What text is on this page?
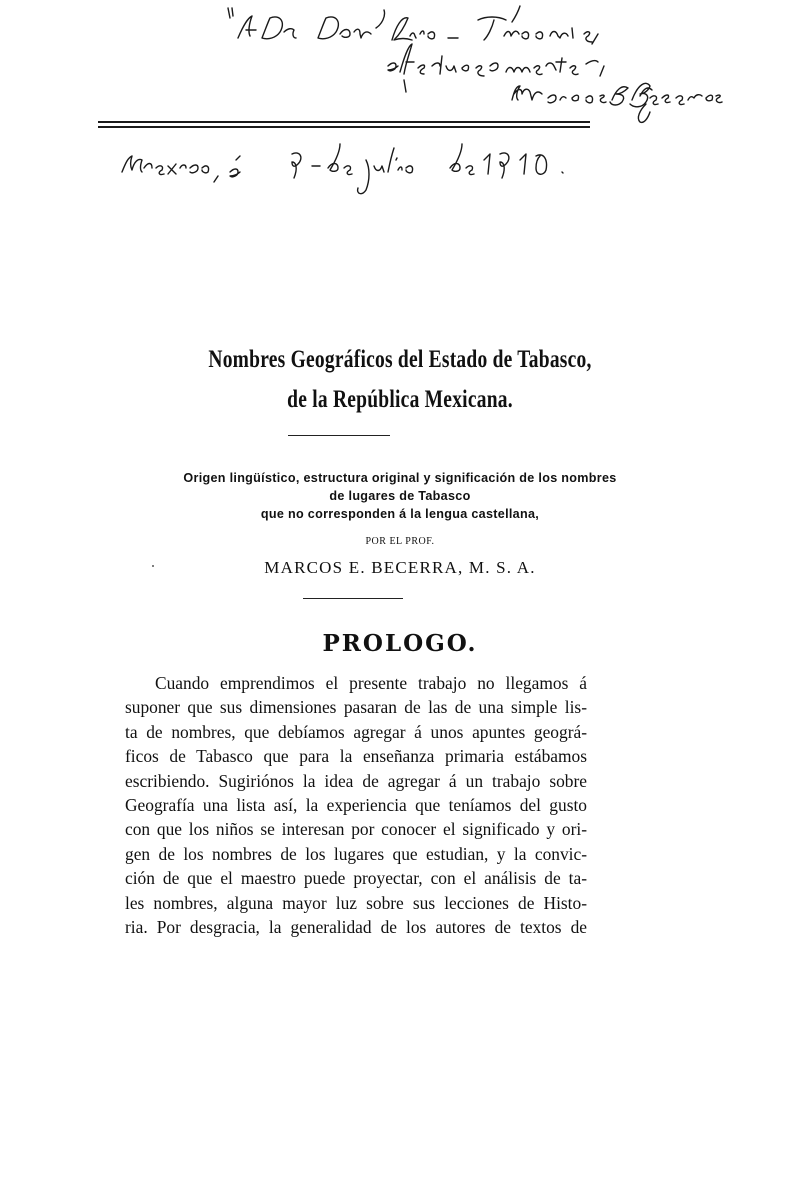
Nombres Geográficos del Estado de Tabasco,
de la República Mexicana.
Origen lingüístico, estructura original y significación de los nombres
de lugares de Tabasco
que no corresponden á la lengua castellana,
POR EL PROF.
MARCOS E. BECERRA, M. S. A.
PROLOGO.
Cuando emprendimos el presente trabajo no llegamos á
suponer que sus dimensiones pasaran de las de una simple lis-
ta de nombres, que debíamos agregar á unos apuntes geográ-
ficos de Tabasco que para la enseñanza primaria estábamos
escribiendo. Sugiriónos la idea de agregar á un trabajo sobre
Geografía una lista así, la experiencia que teníamos del gusto
con que los niños se interesan por conocer el significado y ori-
gen de los nombres de los lugares que estudian, y la convic-
ción de que el maestro puede proyectar, con el análisis de ta-
les nombres, alguna mayor luz sobre sus lecciones de Histo-
ria. Por desgracia, la generalidad de los autores de textos de
